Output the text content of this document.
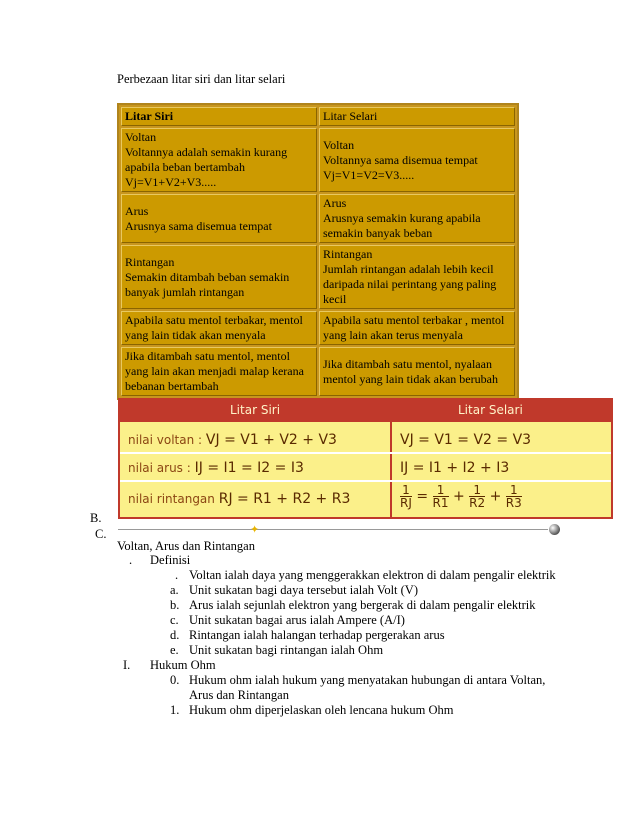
Perbezaan litar siri dan litar selari
Litar Siri	Litar Selari

Voltan
Voltannya adalah semakin kurang
apabila beban bertambah
Vj=V1+V2+V3.....	Voltan
Voltannya sama disemua tempat
Vj=V1=V2=V3.....

Arus
Arusnya sama disemua tempat	Arus
Arusnya semakin kurang apabila
semakin banyak beban

Rintangan
Semakin ditambah beban semakin
banyak jumlah rintangan	Rintangan
Jumlah rintangan adalah lebih kecil
daripada nilai perintang yang paling
kecil

Apabila satu mentol terbakar, mentol
yang lain tidak akan menyala	Apabila satu mentol terbakar , mentol
yang lain akan terus menyala

Jika ditambah satu mentol, mentol
yang lain akan menjadi malap kerana
bebanan bertambah	Jika ditambah satu mentol, nyalaan
mentol yang lain tidak akan berubah
Litar Siri	Litar Selari
nilai voltan : VJ = V1 + V2 + V3	VJ = V1 = V2 = V3
nilai arus : IJ = I1 = I2 = I3	IJ = I1 + I2 + I3
nilai rintangan RJ = R1 + R2 + R3	$\frac{1}{RJ} = \frac{1}{R1} + \frac{1}{R2} + \frac{1}{R3}$
B.
C.	✦
Voltan, Arus dan Rintangan
. Definisi
. Voltan ialah daya yang menggerakkan elektron di dalam pengalir elektrik
a. Unit sukatan bagi daya tersebut ialah Volt (V)
b. Arus ialah sejunlah elektron yang bergerak di dalam pengalir elektrik
c. Unit sukatan bagai arus ialah Ampere (A/I)
d. Rintangan ialah halangan terhadap pergerakan arus
e. Unit sukatan bagi rintangan ialah Ohm
I. Hukum Ohm
0. Hukum ohm ialah hukum yang menyatakan hubungan di antara Voltan,
Arus dan Rintangan
1. Hukum ohm diperjelaskan oleh lencana hukum Ohm
